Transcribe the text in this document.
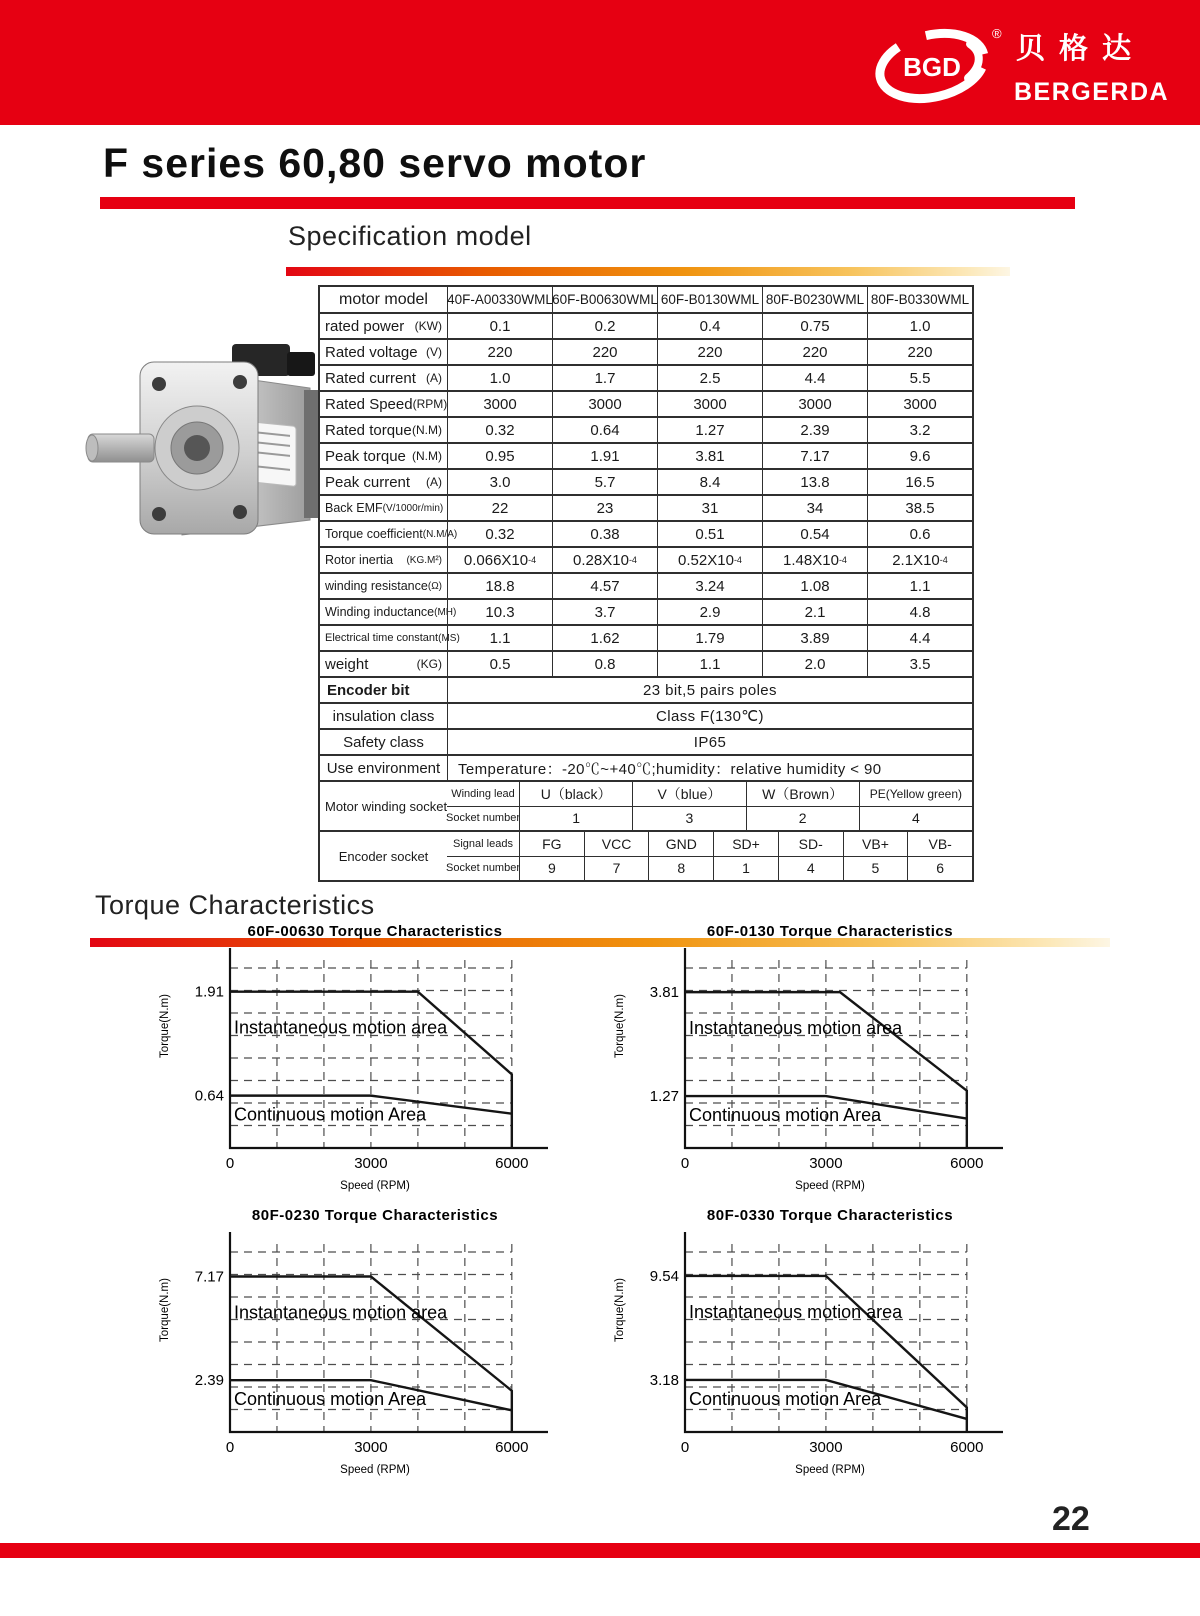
BGD
® 贝格达
BERGERDA
F series 60,80 servo motor
Specification model
motor model 40F-A00330WML 60F-B00630WML 60F-B0130WML 80F-B0230WML 80F-B0330WML
rated power (KW)	0.1	0.2	0.4	0.75	1.0
Rated voltage (V)	220	220	220	220	220
Rated current (A)	1.0	1.7	2.5	4.4	5.5
Rated Speed (RPM)	3000	3000	3000	3000	3000
Rated torque (N.M)	0.32	0.64	1.27	2.39	3.2
Peak torque (N.M)	0.95	1.91	3.81	7.17	9.6
Peak current (A)	3.0	5.7	8.4	13.8	16.5
Back EMF (V/1000r/min)	22	23	31	34	38.5
Torque coefficient (N.M/A)	0.32	0.38	0.51	0.54	0.6
Rotor inertia (KG.M²)	0.066X10 -4	0.28X10 -4	0.52X10 -4	1.48X10 -4	2.1X10 -4
winding resistance (Ω)	18.8	4.57	3.24	1.08	1.1
Winding inductance (MH)	10.3	3.7	2.9	2.1	4.8
Electrical time constant (MS)	1.1	1.62	1.79	3.89	4.4
weight	(KG)	0.5	0.8	1.1	2.0	3.5
Encoder bit	23 bit,5 pairs poles
insulation class	Class F(130℃)
Safety class	IP65
Use environment	Temperature：-20℃~+40℃;humidity：relative humidity < 90
Motor winding socket
Winding lead	U（black）	V（blue）	W（Brown）	PE(Yellow green)
Socket number	1	3	2	4
Encoder socket
Signal leads	FG	VCC	GND	SD+	SD-	VB+	VB-
Socket number	9	7	8	1	4	5	6
Torque Characteristics
60F-00630 Torque Characteristics
0	3000	6000
1.91
0.64
Torque(N.m)
Speed (RPM)
Instantaneous motion area
Continuous motion Area
60F-0130 Torque Characteristics
0	3000	6000
3.81
1.27
Torque(N.m)
Speed (RPM)
Instantaneous motion area
Continuous motion Area
80F-0230 Torque Characteristics
0	3000	6000
7.17
2.39
Torque(N.m)
Speed (RPM)
Instantaneous motion area
Continuous motion Area
80F-0330 Torque Characteristics
0	3000	6000
9.54
3.18
Torque(N.m)
Speed (RPM)
Instantaneous motion area
Continuous motion Area
22
